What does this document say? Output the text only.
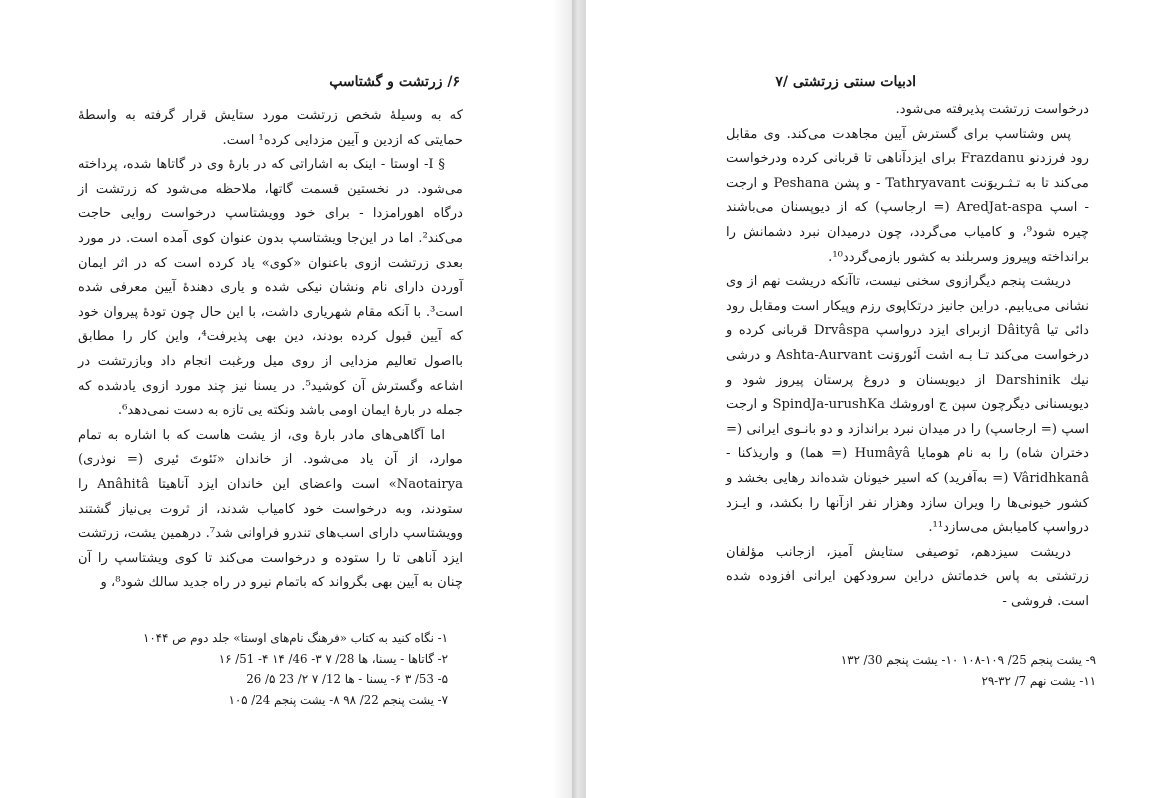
۶/ زرتشت و گشتاسپ

که به وسیلهٔ شخص زرتشت مورد ستایش قرار گرفته به واسطهٔ حمایتی که ازدین و آیین مزدایی کرده¹ است.

§ I- اوستا - اینک به اشاراتی که در بارهٔ وی در گاتاها شده، پرداخته می‌شود. در نخستین قسمت گاتها، ملاحظه می‌شود که زرتشت از درگاه اهورامزدا - برای خود وویشتاسپ درخواست روایی حاجت می‌کند². اما در این‌جا ویشتاسپ بدون عنوان کوی آمده است. در مورد بعدی زرتشت ازوی باعنوان «کوی» یاد کرده است که در اثر ایمان آوردن دارای نام ونشان نیکی شده و یاری دهندهٔ آیین معرفی شده است³. با آنکه مقام شهریاری داشت، با این حال چون تودهٔ پیروان خود که آیین قبول کرده بودند، دین بهی پذیرفت⁴، واین کار را مطابق بااصول تعالیم مزدایی از روی میل ورغبت انجام داد وبازرتشت در اشاعه وگسترش آن کوشید⁵. در یسنا نیز چند مورد ازوی یادشده که جمله در بارهٔ ایمان اومی باشد ونکته یی تازه به دست نمی‌دهد⁶.

اما آگاهی‌های مادر بارهٔ وی، از یشت هاست که با اشاره به تمام موارد، از آن یاد می‌شود. از خاندان «نَئوتَ ئیری (= نوذری) Naotairya» است واعضای این خاندان ایزد آناهیتا Anâhitâ را ستودند، وبه درخواست خود کامیاب شدند، از ثروت بی‌نیاز گشتند وویشتاسپ دارای اسب‌های تندرو فراوانی شد⁷. درهمین یشت، زرتشت ایزد آناهی تا را ستوده و درخواست می‌کند تا کوی ویشتاسپ را آن چنان به آیین بهی بگرواند که باتمام نیرو در راه جدید سالك شود⁸، و

۱- نگاه کنید به کتاب «فرهنگ نام‌های اوستا» جلد دوم ص ۱۰۴۴
۲- گاتاها - یسنا، ها 28/ ۷ ۳- 46/ ۱۴ ۴- 51/ ۱۶
۵- 53/ ۳ ۶- یسنا - ها 12/ ۷ ۲/ 23 ۵/ 26
۷- یشت پنجم 22/ ۹۸ ۸- یشت پنجم 24/ ۱۰۵
ادبیات سنتی زرتشتی /۷

درخواست زرتشت پذیرفته می‌شود.

پس وشتاسپ برای گسترش آیین مجاهدت می‌کند. وی مقابل رود فرزدنو Frazdanu برای ایزدآناهی تا قربانی کرده ودرخواست می‌کند تا به تـثـریوَنت Tathryavant - و پشن Peshana و ارجت - اسپ AredJat-aspa (= ارجاسپ) که از دیوپسنان می‌باشند چیره شود⁹، و کامیاب می‌گردد، چون درمیدان نبرد دشمانش را برانداخته وپیروز وسربلند به کشور بازمی‌گردد¹⁰.

دریشت پنجم دیگرازوی سخنی نیست، تاآنکه دریشت نهم از وی نشانی می‌یابیم. دراین جانیز درتکاپوی رزم وپیکار است ومقابل رود دائی تیا Dâityâ ازبرای ایزد درواسپ Drvâspa قربانی کرده و درخواست می‌کند تـا بـه اشت اَئوروَنت Ashta-Aurvant و درشی نیك Darshinik از دیویسنان و دروغ پرستان پیروز شود و دیویسنانی دیگرچون سپن ج اوروشك SpindJa-urushKa و ارجت اسپ (= ارجاسپ) را در میدان نبرد براندازد و دو بانـوی ایرانی (= دختران شاه) را به نام هومایا Humâyâ (= هما) و واریذکنا - Vâridhkanâ (= به‌آفرید) که اسیر خیونان شده‌اند رهایی بخشد و کشور خیونی‌ها را ویران سازد وهزار نفر ازآنها را بکشد، و ایـزد درواسپ کامیابش می‌سازد¹¹.

دریشت سیزدهم، توصیفی ستایش آمیز، ازجانب مؤلفان زرتشتی به پاس خدماتش دراین سرودکهن ایرانی افزوده شده است. فروشی -

۹- یشت پنجم 25/ ۱۰۹-۱۰۸ ۱۰- یشت پنجم 30/ ۱۳۲
۱۱- یشت نهم 7/ ۳۲-۲۹
